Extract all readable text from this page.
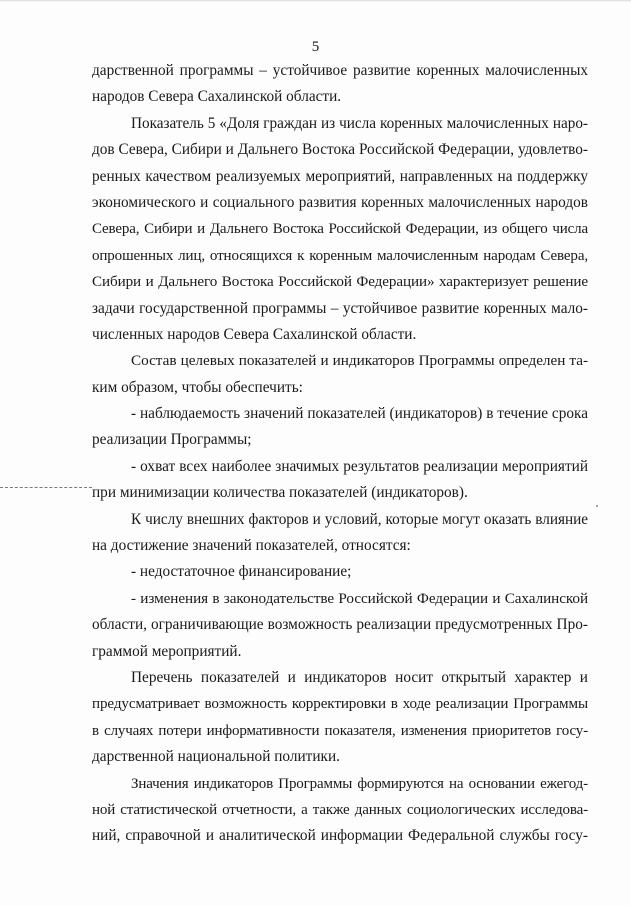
5
дарственной программы – устойчивое развитие коренных малочисленных
народов Севера Сахалинской области.
Показатель 5 «Доля граждан из числа коренных малочисленных наро-
дов Севера, Сибири и Дальнего Востока Российской Федерации, удовлетво-
ренных качеством реализуемых мероприятий, направленных на поддержку
экономического и социального развития коренных малочисленных народов
Севера, Сибири и Дальнего Востока Российской Федерации, из общего числа
опрошенных лиц, относящихся к коренным малочисленным народам Севера,
Сибири и Дальнего Востока Российской Федерации» характеризует решение
задачи государственной программы – устойчивое развитие коренных мало-
численных народов Севера Сахалинской области.
Состав целевых показателей и индикаторов Программы определен та-
ким образом, чтобы обеспечить:
- наблюдаемость значений показателей (индикаторов) в течение срока
реализации Программы;
- охват всех наиболее значимых результатов реализации мероприятий
при минимизации количества показателей (индикаторов).
К числу внешних факторов и условий, которые могут оказать влияние
на достижение значений показателей, относятся:
- недостаточное финансирование;
- изменения в законодательстве Российской Федерации и Сахалинской
области, ограничивающие возможность реализации предусмотренных Про-
граммой мероприятий.
Перечень показателей и индикаторов носит открытый характер и
предусматривает возможность корректировки в ходе реализации Программы
в случаях потери информативности показателя, изменения приоритетов госу-
дарственной национальной политики.
Значения индикаторов Программы формируются на основании ежегод-
ной статистической отчетности, а также данных социологических исследова-
ний, справочной и аналитической информации Федеральной службы госу-
